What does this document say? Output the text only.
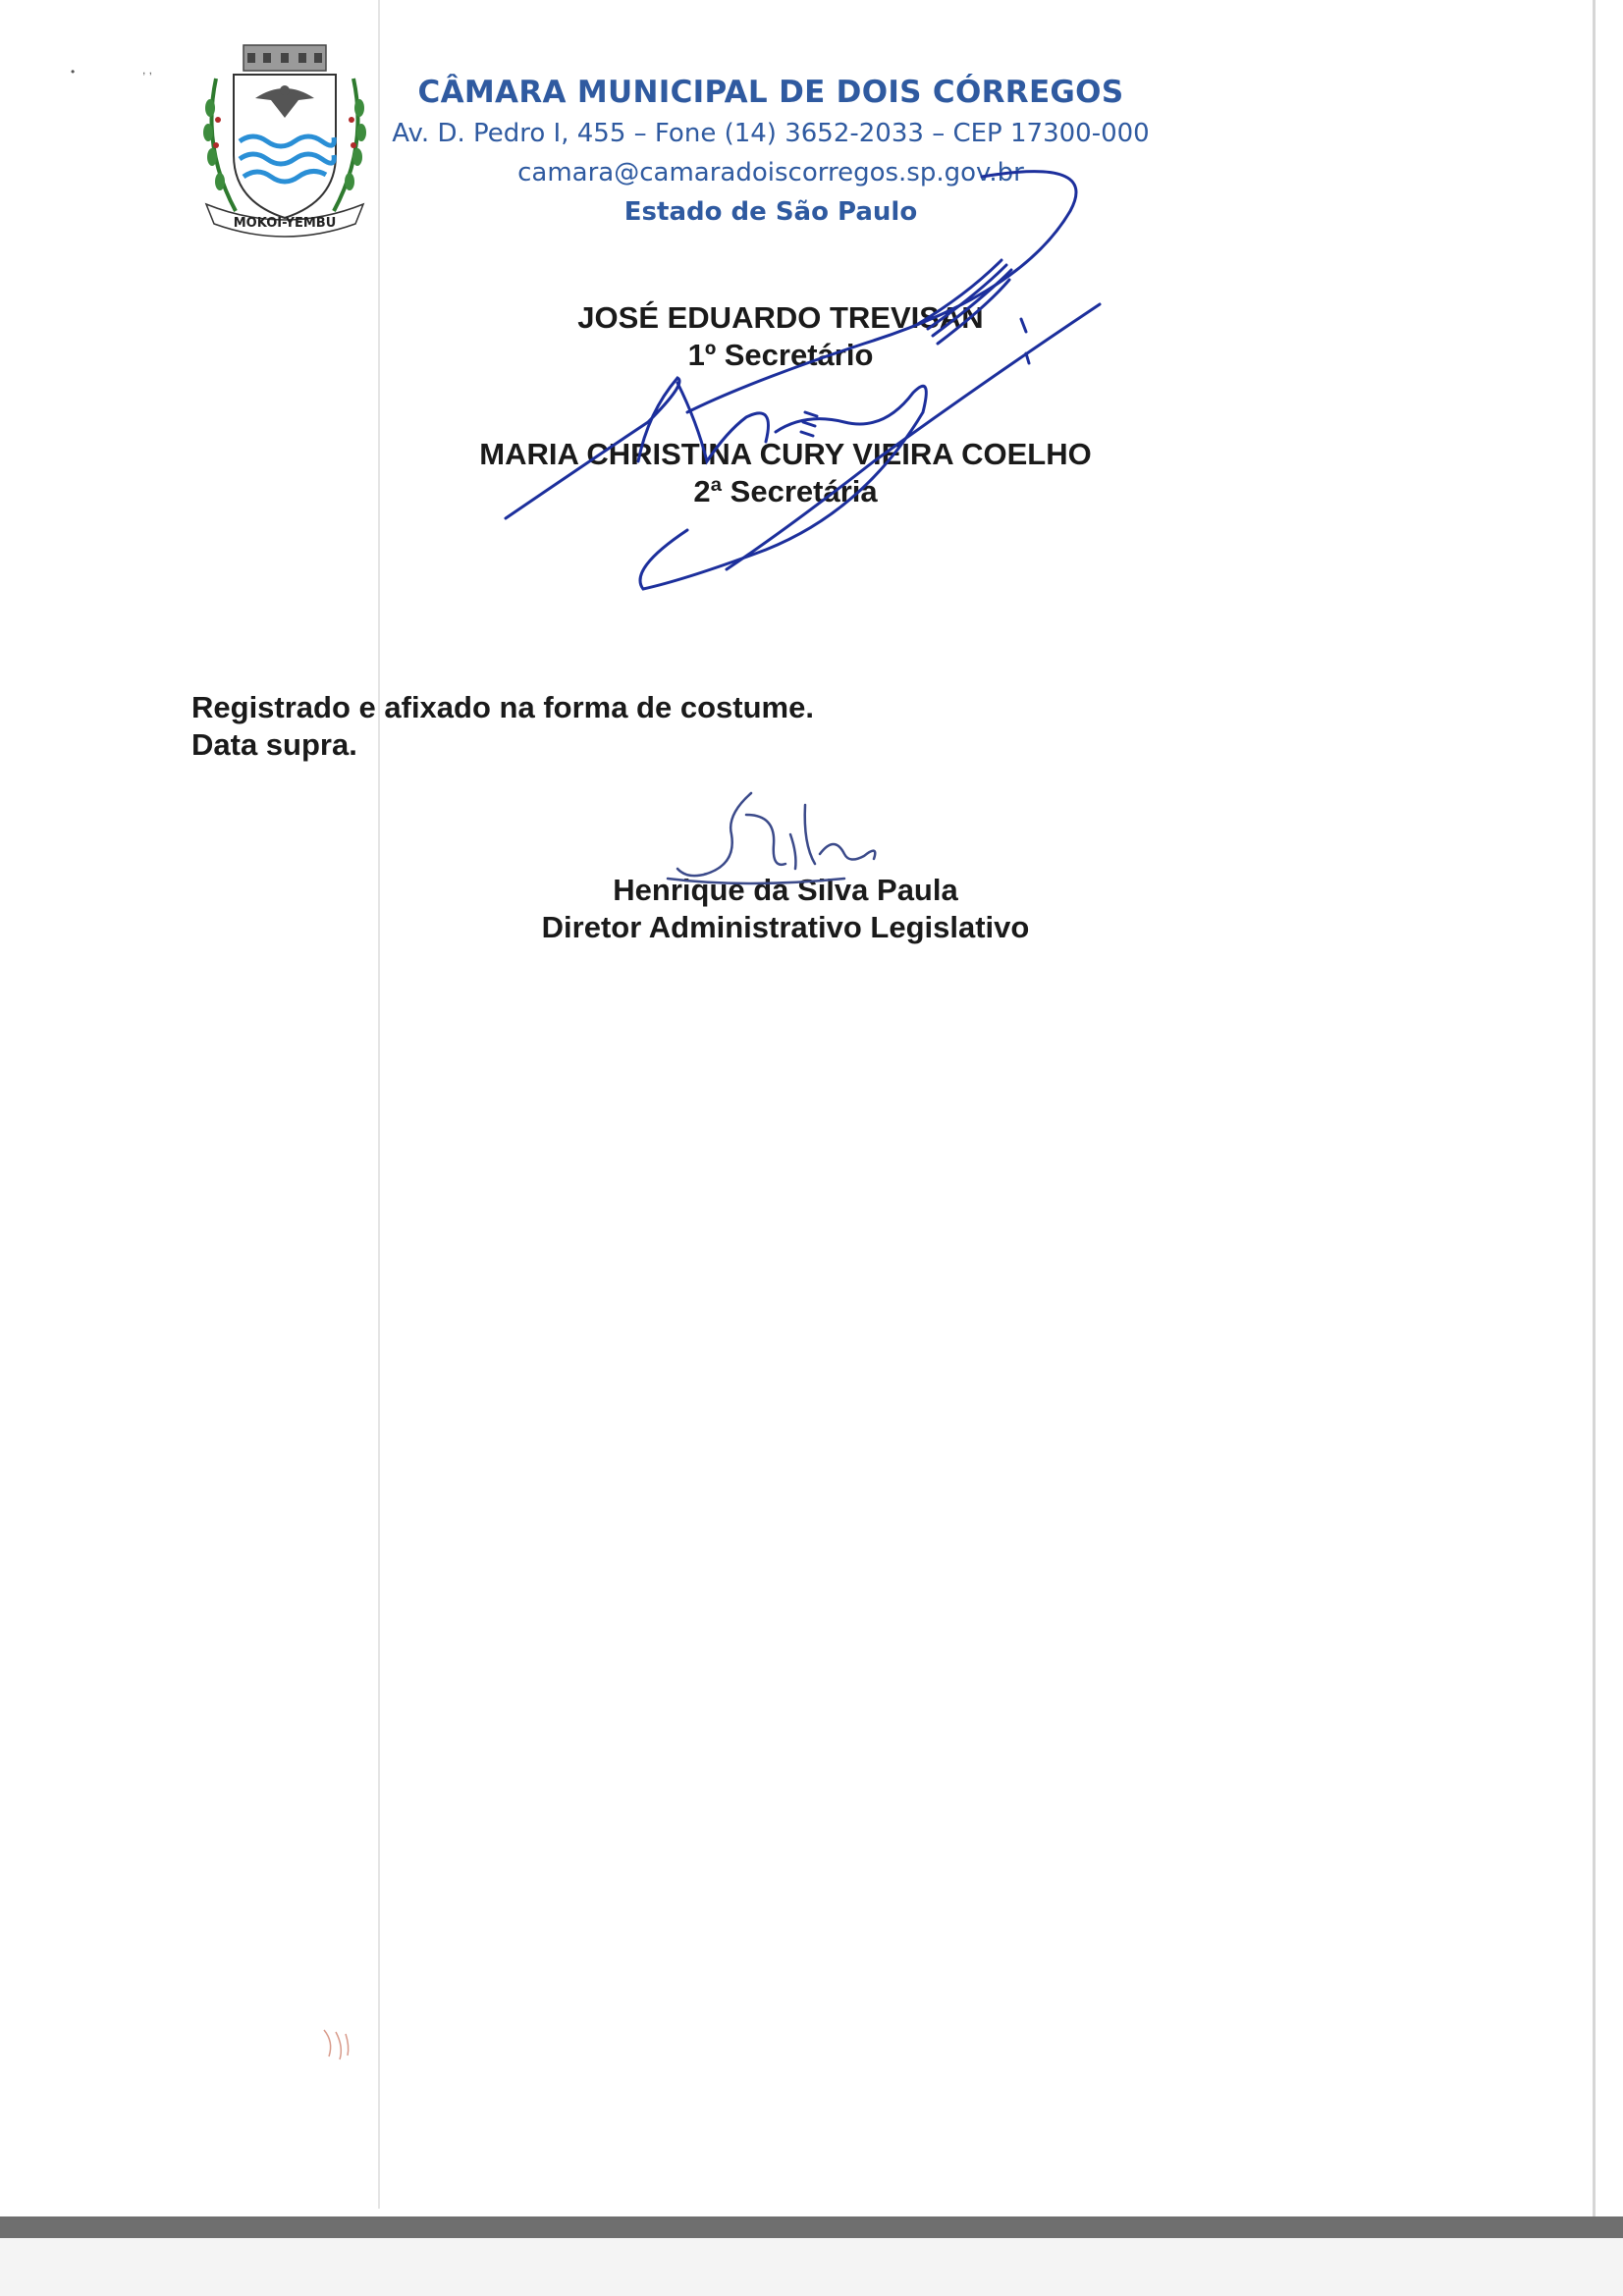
•	, ,
MOKOI-YEMBU
CÂMARA MUNICIPAL DE DOIS CÓRREGOS
Av. D. Pedro I, 455 – Fone (14) 3652-2033 – CEP 17300-000
camara@camaradoiscorregos.sp.gov.br
Estado de São Paulo
JOSÉ EDUARDO TREVISAN
1º Secretário
MARIA CHRISTINA CURY VIEIRA COELHO
2ª Secretária
Registrado e afixado na forma de costume.
Data supra.
Henrique da Silva Paula
Diretor Administrativo Legislativo
